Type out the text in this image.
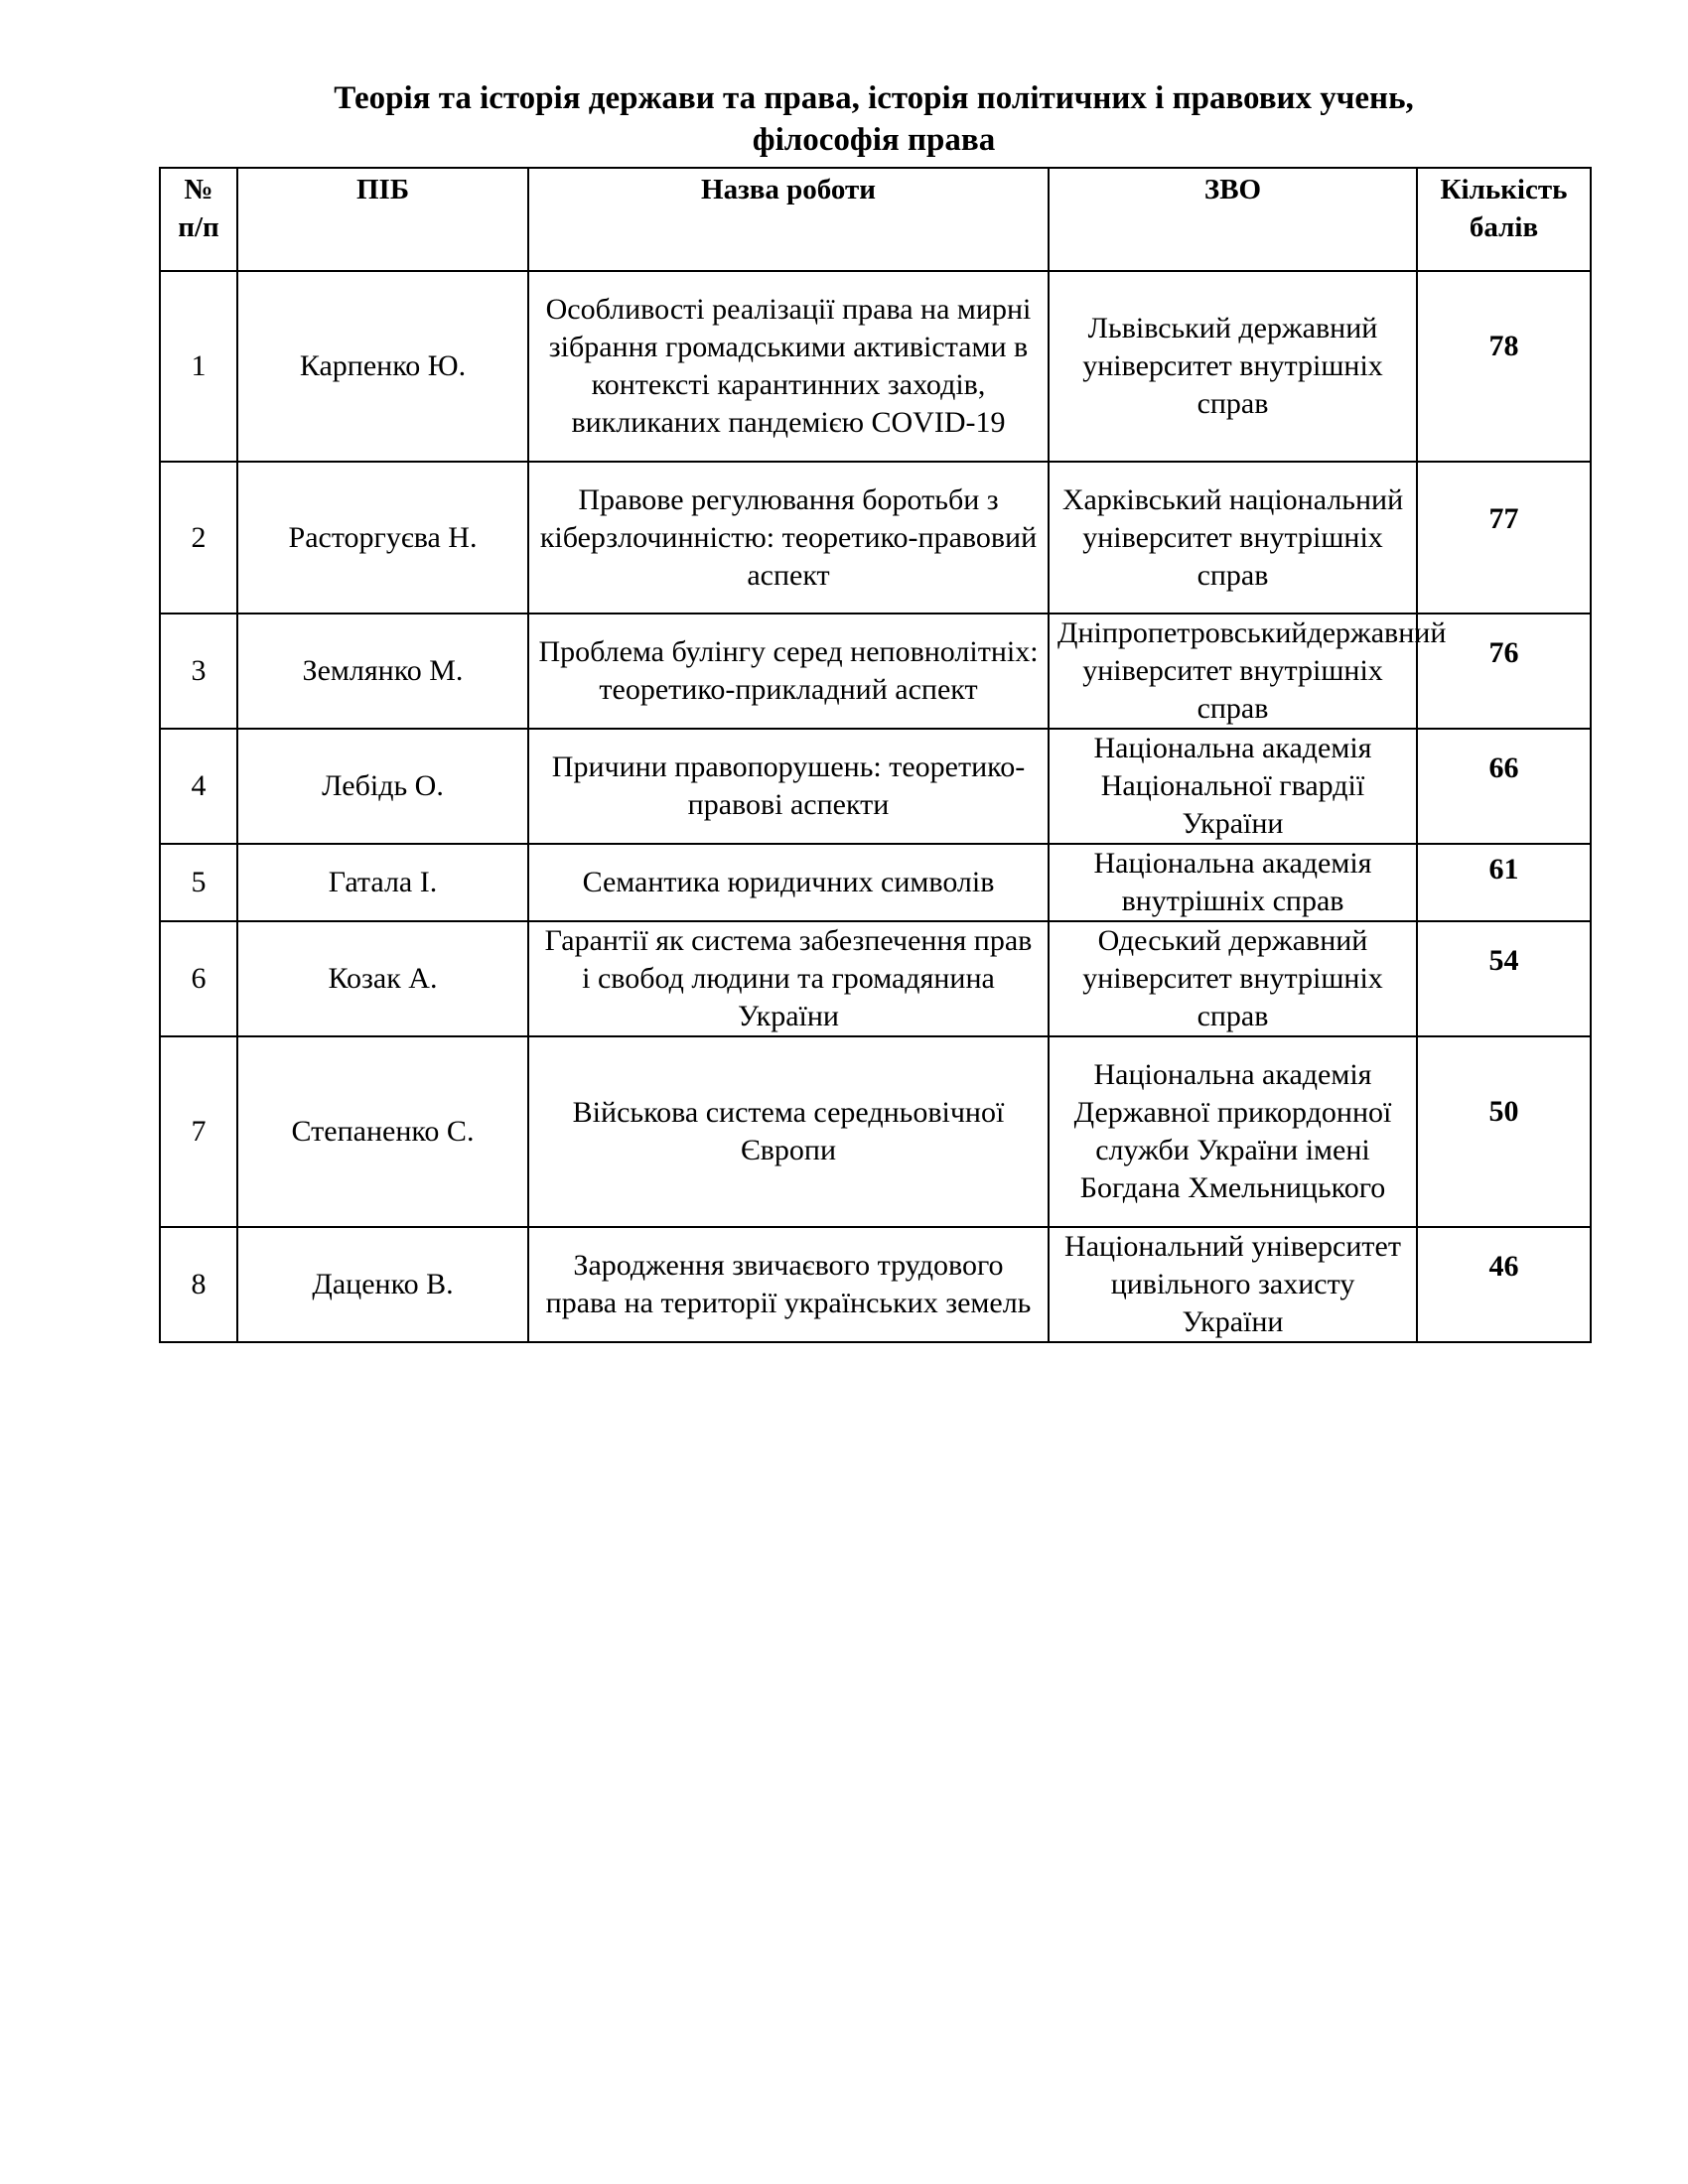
Теорія та історія держави та права, історія політичних і правових учень,
філософія права
№ п/п	ПІБ	Назва роботи	ЗВО	Кількість балів
1	Карпенко Ю.	Особливості реалізації права на мирні зібрання громадськими активістами в контексті карантинних заходів, викликаних пандемією COVID-19	Львівський державний університет внутрішніх справ	78

2	Расторгуєва Н.	Правове регулювання боротьби з кіберзлочинністю: теоретико-правовий аспект	Харківський національний університет внутрішніх справ	77

3	Землянко М.	Проблема булінгу серед неповнолітніх: теоретико-прикладний аспект	Дніпропетровськийдержавний університет внутрішніх справ	76

4	Лебідь О.	Причини правопорушень: теоретико-правові аспекти	Національна академія Національної гвардії України	66

5	Гатала І.	Семантика юридичних символів	Національна академія внутрішніх справ	61

6	Козак А.	Гарантії як система забезпечення прав і свобод людини та громадянина України	Одеський державний університет внутрішніх справ	54

7	Степаненко С.	Військова система середньовічної Європи	Національна академія Державної прикордонної служби України імені Богдана Хмельницького	50

8	Даценко В.	Зародження звичаєвого трудового права на території українських земель	Національний університет цивільного захисту України	46
